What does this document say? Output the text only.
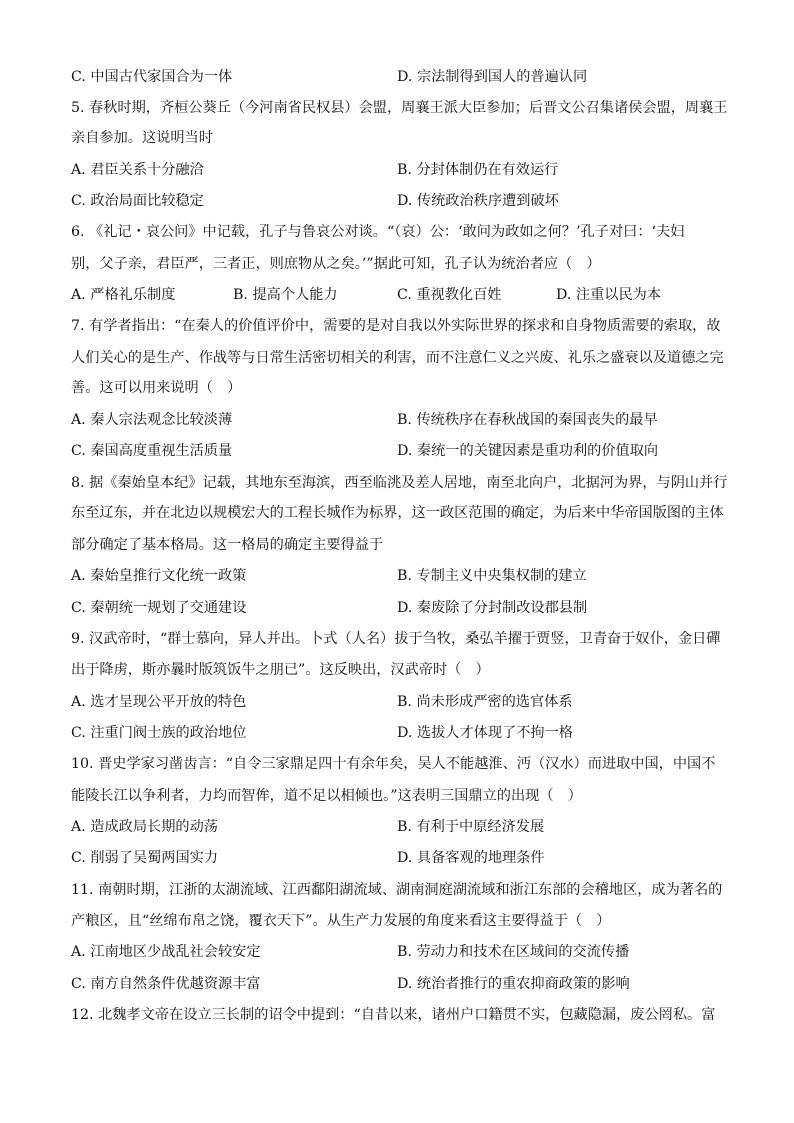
C. 中国古代家国合为一体	D. 宗法制得到国人的普遍认同
5. 春秋时期，齐桓公葵丘（今河南省民权县）会盟，周襄王派大臣参加；后晋文公召集诸侯会盟，周襄王
亲自参加。这说明当时
A. 君臣关系十分融洽	B. 分封体制仍在有效运行
C. 政治局面比较稳定	D. 传统政治秩序遭到破坏
6. 《礼记・哀公问》中记载，孔子与鲁哀公对谈。“（哀）公：‘敢问为政如之何？’孔子对曰：‘夫妇
别，父子亲，君臣严，三者正，则庶物从之矣。’”据此可知，孔子认为统治者应（　）
A. 严格礼乐制度	B. 提高个人能力	C. 重视教化百姓	D. 注重以民为本
7. 有学者指出：“在秦人的价值评价中，需要的是对自我以外实际世界的探求和自身物质需要的索取，故
人们关心的是生产、作战等与日常生活密切相关的利害，而不注意仁义之兴废、礼乐之盛衰以及道德之完
善。这可以用来说明（　）
A. 秦人宗法观念比较淡薄	B. 传统秩序在春秋战国的秦国丧失的最早
C. 秦国高度重视生活质量	D. 秦统一的关键因素是重功利的价值取向
8. 据《秦始皇本纪》记载，其地东至海滨，西至临洮及差人居地，南至北向户，北据河为界，与阴山并行
东至辽东，并在北边以规模宏大的工程长城作为标界，这一政区范围的确定，为后来中华帝国版图的主体
部分确定了基本格局。这一格局的确定主要得益于
A. 秦始皇推行文化统一政策	B. 专制主义中央集权制的建立
C. 秦朝统一规划了交通建设	D. 秦废除了分封制改设郡县制
9. 汉武帝时，“群士慕向，异人并出。卜式（人名）拔于刍牧，桑弘羊擢于贾竖，卫青奋于奴仆，金日磾
出于降虏，斯亦曩时版筑饭牛之朋已”。这反映出，汉武帝时（　）
A. 选才呈现公平开放的特色	B. 尚未形成严密的选官体系
C. 注重门阀士族的政治地位	D. 选拔人才体现了不拘一格
10. 晋史学家习凿齿言：“自令三家鼎足四十有余年矣，吴人不能越淮、沔（汉水）而进取中国，中国不
能陵长江以争利者，力均而智侔，道不足以相倾也。”这表明三国鼎立的出现（　）
A. 造成政局长期的动荡	B. 有利于中原经济发展
C. 削弱了吴蜀两国实力	D. 具备客观的地理条件
11. 南朝时期，江浙的太湖流域、江西鄱阳湖流域、湖南洞庭湖流域和浙江东部的会稽地区，成为著名的
产粮区，且“丝绵布帛之饶，覆衣天下”。从生产力发展的角度来看这主要得益于（　）
A. 江南地区少战乱社会较安定	B. 劳动力和技术在区域间的交流传播
C. 南方自然条件优越资源丰富	D. 统治者推行的重农抑商政策的影响
12. 北魏孝文帝在设立三长制的诏令中提到：“自昔以来，诸州户口籍贯不实，包藏隐漏，废公罔私。富
